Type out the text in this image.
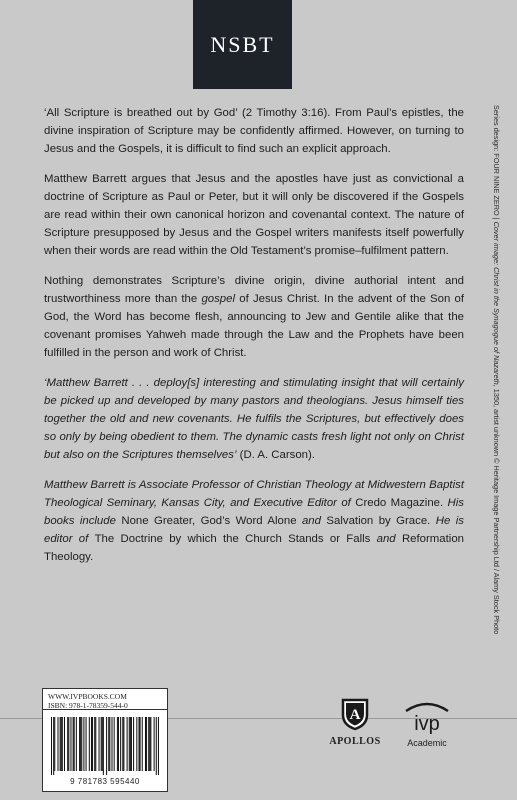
NSBT

‘All Scripture is breathed out by God’ (2 Timothy 3:16). From Paul’s epistles, the divine inspiration of Scripture may be confidently affirmed. However, on turning to Jesus and the Gospels, it is difficult to find such an explicit approach.

Matthew Barrett argues that Jesus and the apostles have just as convictional a doctrine of Scripture as Paul or Peter, but it will only be discovered if the Gospels are read within their own canonical horizon and covenantal context. The nature of Scripture presupposed by Jesus and the Gospel writers manifests itself powerfully when their words are read within the Old Testament’s promise–fulfilment pattern.

Nothing demonstrates Scripture’s divine origin, divine authorial intent and trustworthiness more than the gospel of Jesus Christ. In the advent of the Son of God, the Word has become flesh, announcing to Jew and Gentile alike that the covenant promises Yahweh made through the Law and the Prophets have been fulfilled in the person and work of Christ.

‘Matthew Barrett . . . deploy[s] interesting and stimulating insight that will certainly be picked up and developed by many pastors and theologians. Jesus himself ties together the old and new covenants. He fulfils the Scriptures, but effectively does so only by being obedient to them. The dynamic casts fresh light not only on Christ but also on the Scriptures themselves’ (D. A. Carson).

Matthew Barrett is Associate Professor of Christian Theology at Midwestern Baptist Theological Seminary, Kansas City, and Executive Editor of Credo Magazine. His books include None Greater, God’s Word Alone and Salvation by Grace. He is editor of The Doctrine by which the Church Stands or Falls and Reformation Theology.

Series design: FOUR NINE ZERO | Cover image: Christ in the Synagogue of Nazareth, 1350, artist unknown © Heritage Image Partnership Ltd / Alamy Stock Photo
WWW.IVPBOOKS.COM
ISBN: 978-1-78359-544-0
9 781783 595440
A
APOLLOS
ivp
Academic
